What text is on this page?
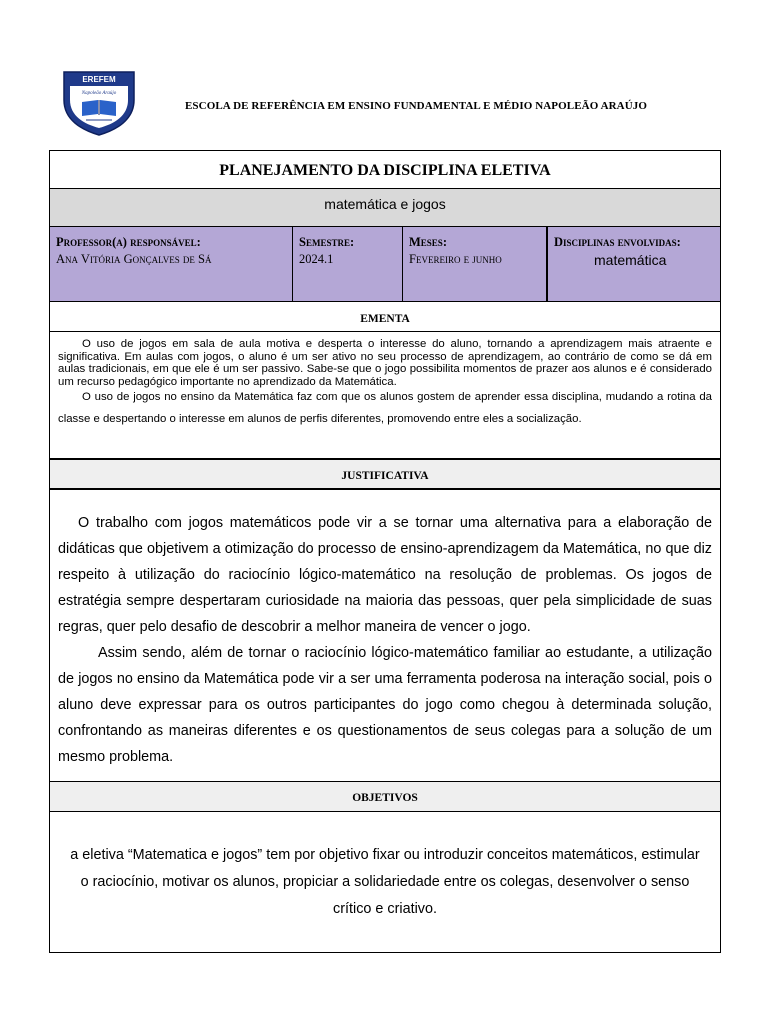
EREFEM
Napoleão Araújo
ESCOLA DE REFERÊNCIA EM ENSINO FUNDAMENTAL E MÉDIO NAPOLEÃO ARAÚJO
PLANEJAMENTO DA DISCIPLINA ELETIVA
matemática e jogos
Professor(a) responsável:
Ana Vitória Gonçalves de Sá
Semestre:
2024.1
Meses:
Fevereiro e junho
Disciplinas envolvidas:
matemática
EMENTA

O uso de jogos em sala de aula motiva e desperta o interesse do aluno, tornando a aprendizagem mais atraente e significativa. Em aulas com jogos, o aluno é um ser ativo no seu processo de aprendizagem, ao contrário de como se dá em aulas tradicionais, em que ele é um ser passivo. Sabe-se que o jogo possibilita momentos de prazer aos alunos e é considerado um recurso pedagógico importante no aprendizado da Matemática.

O uso de jogos no ensino da Matemática faz com que os alunos gostem de aprender essa disciplina, mudando a rotina da classe e despertando o interesse em alunos de perfis diferentes, promovendo entre eles a socialização.

JUSTIFICATIVA

O trabalho com jogos matemáticos pode vir a se tornar uma alternativa para a elaboração de didáticas que objetivem a otimização do processo de ensino-aprendizagem da Matemática, no que diz respeito à utilização do raciocínio lógico-matemático na resolução de problemas. Os jogos de estratégia sempre despertaram curiosidade na maioria das pessoas, quer pela simplicidade de suas regras, quer pelo desafio de descobrir a melhor maneira de vencer o jogo.

Assim sendo, além de tornar o raciocínio lógico-matemático familiar ao estudante, a utilização de jogos no ensino da Matemática pode vir a ser uma ferramenta poderosa na interação social, pois o aluno deve expressar para os outros participantes do jogo como chegou à determinada solução, confrontando as maneiras diferentes e os questionamentos de seus colegas para a solução de um mesmo problema.

OBJETIVOS
a eletiva “Matematica e jogos” tem por objetivo fixar ou introduzir conceitos matemáticos, estimular o raciocínio, motivar os alunos, propiciar a solidariedade entre os colegas, desenvolver o senso crítico e criativo.
